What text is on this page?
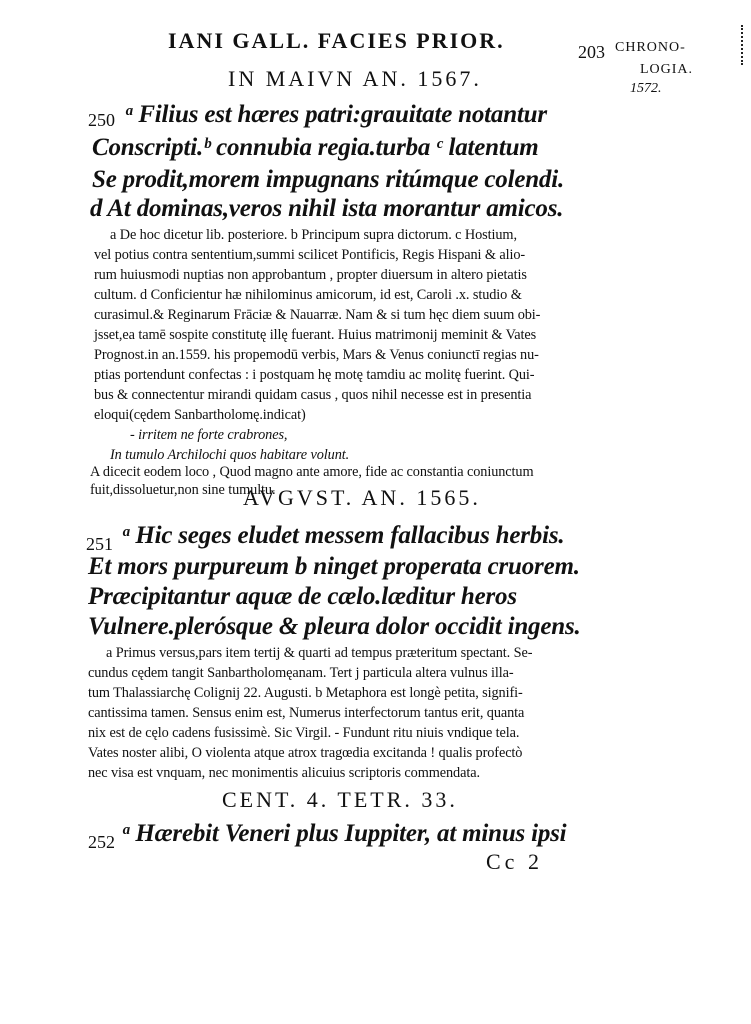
IANI GALL. FACIES PRIOR.	203 CHRONO-
LOGIA.
1572.
IN MAIVN AN. 1567.
250 ᵃ Filius est hæres patri:grauitate notantur
Conscripti.ᵇ connubia regia.turba ᶜ latentum
Se prodit,morem impugnans ritúmque colendi.
d At dominas,veros nihil ista morantur amicos.
a De hoc dicetur lib. posteriore. b Principum supra dictorum. c Hostium,
vel potius contra sententium,summi scilicet Pontificis, Regis Hispani & alio-
rum huiusmodi nuptias non approbantum , propter diuersum in altero pietatis
cultum. d Conficientur hæ nihilominus amicorum, id est, Caroli .x. studio &
curasimul.& Reginarum Frāciæ & Nauarræ. Nam & si tum hęc diem suum obi-
jsset,ea tamē sospite constitutę illę fuerant. Huius matrimonij meminit & Vates
Prognost.in an.1559. his propemodū verbis, Mars & Venus coniunctī regias nu-
ptias portendunt confectas : i postquam hę motę tamdiu ac molitę fuerint. Qui-
bus & connectentur mirandi quidam casus , quos nihil necesse est in presentia
eloqui(cędem Sanbartholomę.indicat)
- irritem ne forte crabrones,
In tumulo Archilochi quos habitare volunt.
A dicecit eodem loco , Quod magno ante amore, fide ac constantia coniunctum
fuit,dissoluetur,non sine tumultu.
AVGVST. AN. 1565.
251 ᵃ Hic seges eludet messem fallacibus herbis.
Et mors purpureum b ninget properata cruorem.
Præcipitantur aquæ de cælo.læditur heros
Vulnere.plerósque & pleura dolor occidit ingens.
a Primus versus,pars item tertij & quarti ad tempus præteritum spectant. Se-
cundus cędem tangit Sanbartholomęanam. Tert j particula altera vulnus illa-
tum Thalassiarchę Colignij 22. Augusti. b Metaphora est longè petita, signifi-
cantissima tamen. Sensus enim est, Numerus interfectorum tantus erit, quanta
nix est de cęlo cadens fusissimè. Sic Virgil. - Fundunt ritu niuis vndique tela.
Vates noster alibi, O violenta atque atrox tragœdia excitanda ! qualis profectò
nec visa est vnquam, nec monimentis alicuius scriptoris commendata.
CENT. 4. TETR. 33.
252 ᵃ Hærebit Veneri plus Iuppiter, at minus ipsi
Cc 2
